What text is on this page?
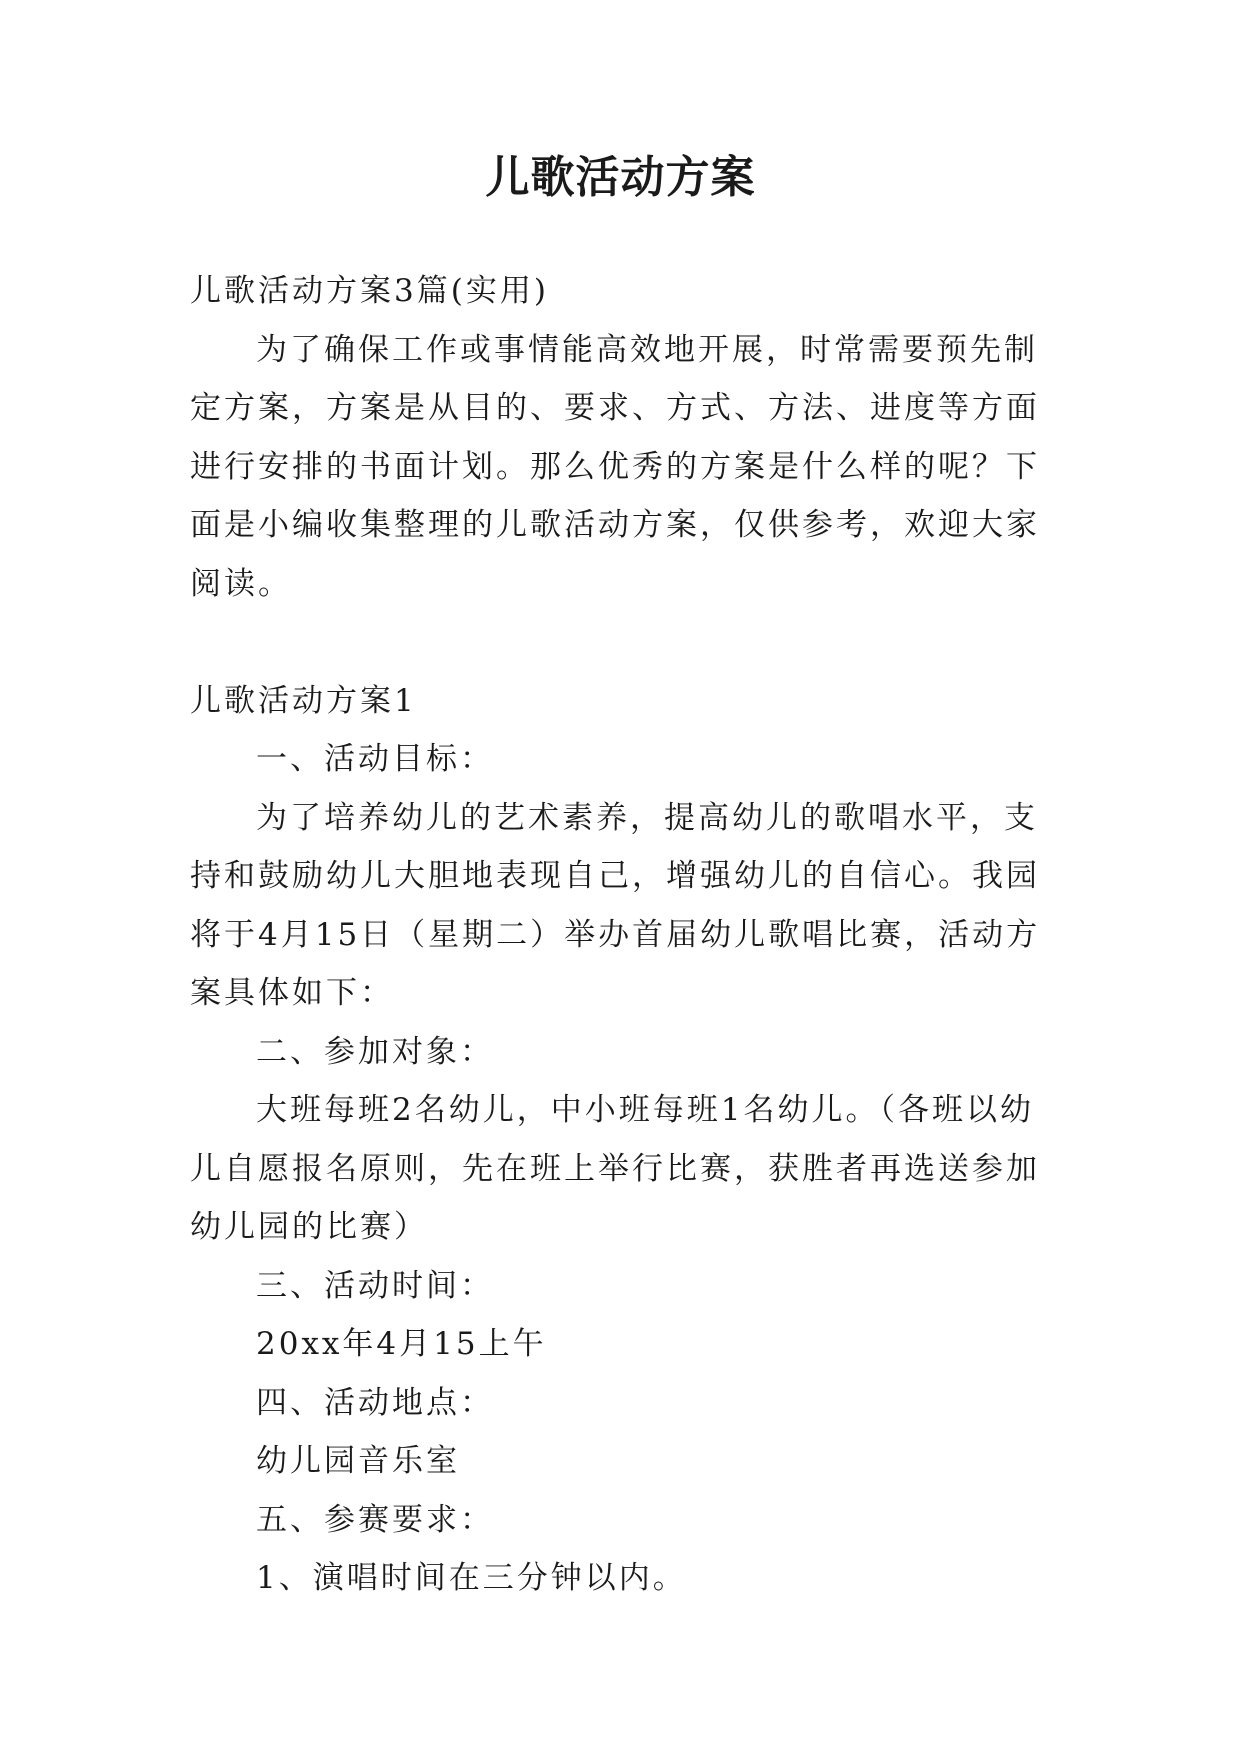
儿歌活动方案

儿歌活动方案3篇(实用)

为了确保工作或事情能高效地开展，时常需要预先制定方案，方案是从目的、要求、方式、方法、进度等方面进行安排的书面计划。那么优秀的方案是什么样的呢？下面是小编收集整理的儿歌活动方案，仅供参考，欢迎大家阅读。

儿歌活动方案1

一、活动目标：

为了培养幼儿的艺术素养，提高幼儿的歌唱水平，支持和鼓励幼儿大胆地表现自己，增强幼儿的自信心。我园将于4月15日（星期二）举办首届幼儿歌唱比赛，活动方案具体如下：

二、参加对象：

大班每班2名幼儿，中小班每班1名幼儿。（各班以幼儿自愿报名原则，先在班上举行比赛，获胜者再选送参加幼儿园的比赛）

三、活动时间：

20xx年4月15上午

四、活动地点：

幼儿园音乐室

五、参赛要求：

1、演唱时间在三分钟以内。
